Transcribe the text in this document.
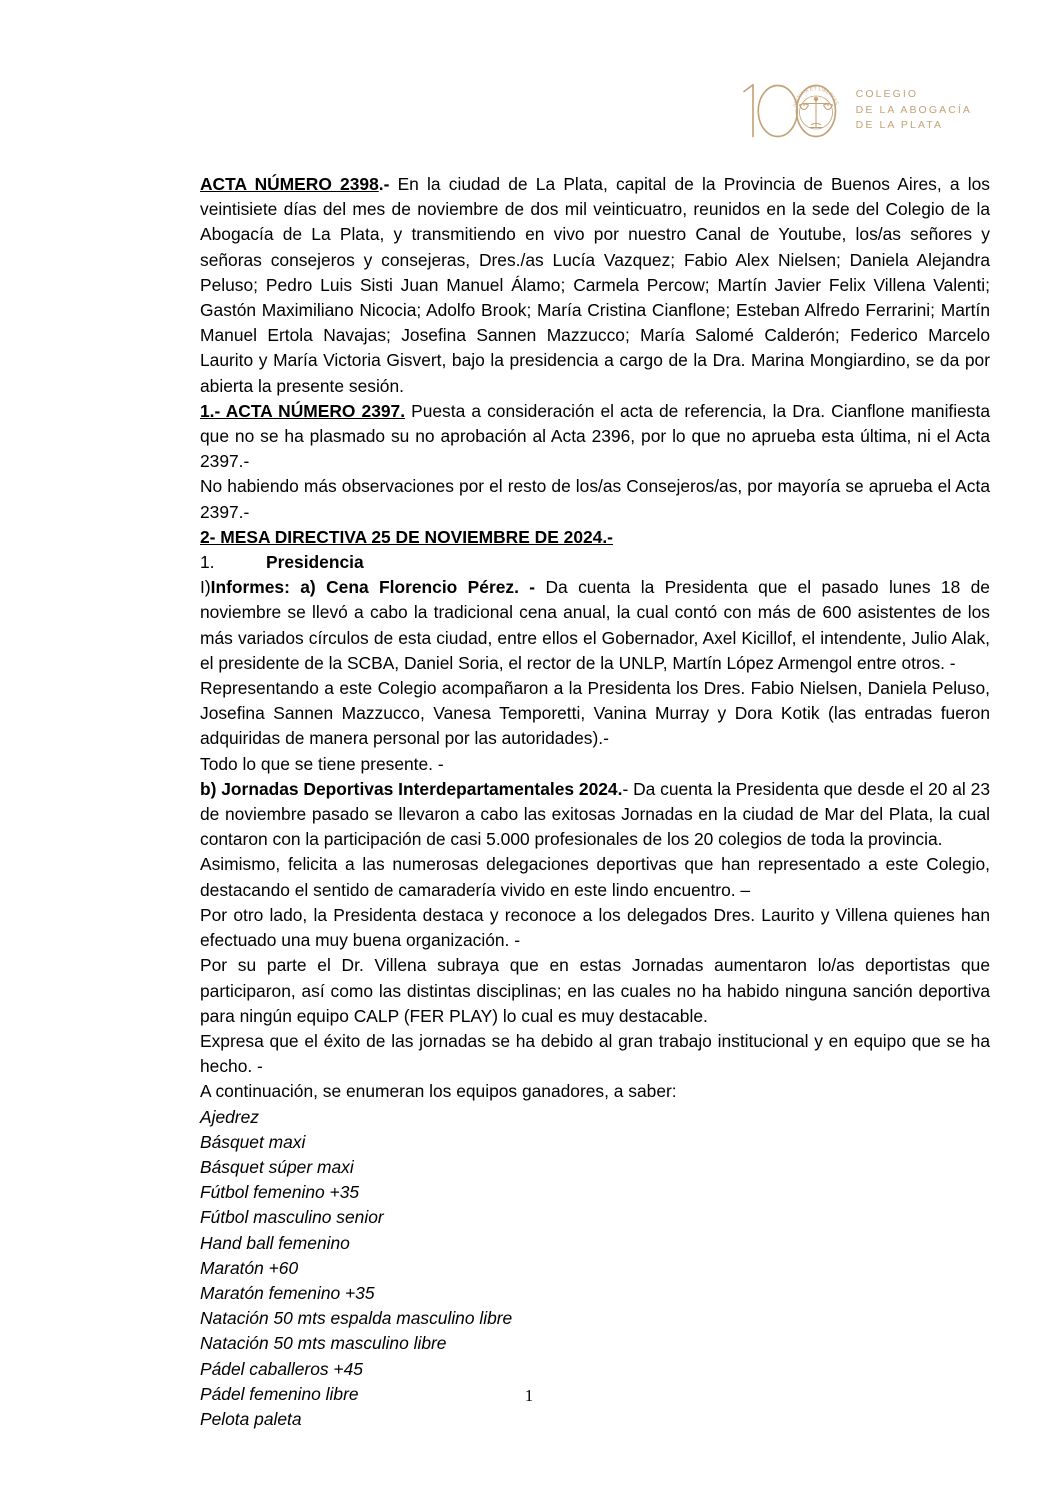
IUSTITIA ET LIBERTAS
COLEGIO
DE LA ABOGACÍA
DE LA PLATA

ACTA NÚMERO 2398.- En la ciudad de La Plata, capital de la Provincia de Buenos Aires, a los veintisiete días del mes de noviembre de dos mil veinticuatro, reunidos en la sede del Colegio de la Abogacía de La Plata, y transmitiendo en vivo por nuestro Canal de Youtube, los/as señores y señoras consejeros y consejeras, Dres./as Lucía Vazquez; Fabio Alex Nielsen; Daniela Alejandra Peluso; Pedro Luis Sisti Juan Manuel Álamo; Carmela Percow; Martín Javier Felix Villena Valenti; Gastón Maximiliano Nicocia; Adolfo Brook; María Cristina Cianflone; Esteban Alfredo Ferrarini; Martín Manuel Ertola Navajas; Josefina Sannen Mazzucco; María Salomé Calderón; Federico Marcelo Laurito y María Victoria Gisvert, bajo la presidencia a cargo de la Dra. Marina Mongiardino, se da por abierta la presente sesión.

1.- ACTA NÚMERO 2397. Puesta a consideración el acta de referencia, la Dra. Cianflone manifiesta que no se ha plasmado su no aprobación al Acta 2396, por lo que no aprueba esta última, ni el Acta 2397.-

No habiendo más observaciones por el resto de los/as Consejeros/as, por mayoría se aprueba el Acta 2397.-

2- MESA DIRECTIVA 25 DE NOVIEMBRE DE 2024.-

1.	Presidencia

I)Informes: a) Cena Florencio Pérez. - Da cuenta la Presidenta que el pasado lunes 18 de noviembre se llevó a cabo la tradicional cena anual, la cual contó con más de 600 asistentes de los más variados círculos de esta ciudad, entre ellos el Gobernador, Axel Kicillof, el intendente, Julio Alak, el presidente de la SCBA, Daniel Soria, el rector de la UNLP, Martín López Armengol entre otros. -

Representando a este Colegio acompañaron a la Presidenta los Dres. Fabio Nielsen, Daniela Peluso, Josefina Sannen Mazzucco, Vanesa Temporetti, Vanina Murray y Dora Kotik (las entradas fueron adquiridas de manera personal por las autoridades).-

Todo lo que se tiene presente. -

b) Jornadas Deportivas Interdepartamentales 2024.- Da cuenta la Presidenta que desde el 20 al 23 de noviembre pasado se llevaron a cabo las exitosas Jornadas en la ciudad de Mar del Plata, la cual contaron con la participación de casi 5.000 profesionales de los 20 colegios de toda la provincia.

Asimismo, felicita a las numerosas delegaciones deportivas que han representado a este Colegio, destacando el sentido de camaradería vivido en este lindo encuentro. –

Por otro lado, la Presidenta destaca y reconoce a los delegados Dres. Laurito y Villena quienes han efectuado una muy buena organización. -

Por su parte el Dr. Villena subraya que en estas Jornadas aumentaron lo/as deportistas que participaron, así como las distintas disciplinas; en las cuales no ha habido ninguna sanción deportiva para ningún equipo CALP (FER PLAY) lo cual es muy destacable.

Expresa que el éxito de las jornadas se ha debido al gran trabajo institucional y en equipo que se ha hecho. -

A continuación, se enumeran los equipos ganadores, a saber:

Ajedrez
Básquet maxi
Básquet súper maxi
Fútbol femenino +35
Fútbol masculino senior
Hand ball femenino
Maratón +60
Maratón femenino +35
Natación 50 mts espalda masculino libre
Natación 50 mts masculino libre
Pádel caballeros +45
Pádel femenino libre
Pelota paleta
1
